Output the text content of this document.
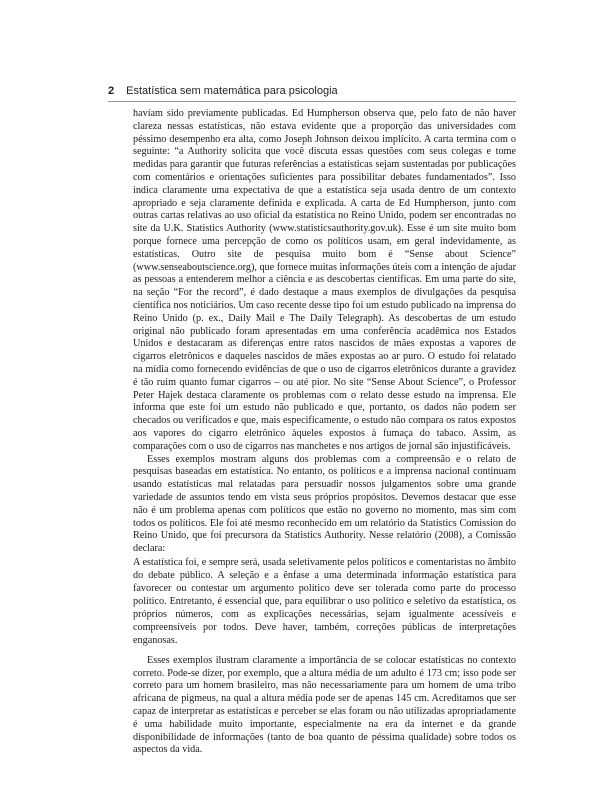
2 Estatística sem matemática para psicologia

havíam sido previamente publicadas. Ed Humpherson observa que, pelo fato de não haver clareza nessas estatísticas, não estava evidente que a proporção das universidades com péssimo desempenho era alta, como Joseph Johnson deixou implícito. A carta termina com o seguinte: “a Authority solicita que você discuta essas questões com seus colegas e tome medidas para garantir que futuras referências a estatísticas sejam sustentadas por publicações com comentários e orientações suficientes para possibilitar debates fundamentados”. Isso indica claramente uma expectativa de que a estatística seja usada dentro de um contexto apropriado e seja claramente definida e explicada. A carta de Ed Humpherson, junto com outras cartas relativas ao uso oficial da estatística no Reino Unido, podem ser encontradas no site da U.K. Statistics Authority (www.statisticsauthority.gov.uk). Esse é um site muito bom porque fornece uma percepção de como os políticos usam, em geral indevidamente, as estatísticas. Outro site de pesquisa muito bom é “Sense about Science” (www.senseaboutscience.org), que fornece muitas informações úteis com a intenção de ajudar as pessoas a entenderem melhor a ciência e as descobertas científicas. Em uma parte do site, na seção “For the record”, é dado destaque a maus exemplos de divulgações da pesquisa científica nos noticiários. Um caso recente desse tipo foi um estudo publicado na imprensa do Reino Unido (p. ex., Daily Mail e The Daily Telegraph). As descobertas de um estudo original não publicado foram apresentadas em uma conferência acadêmica nos Estados Unidos e destacaram as diferenças entre ratos nascidos de mães expostas a vapores de cigarros eletrônicos e daqueles nascidos de mães expostas ao ar puro. O estudo foi relatado na mídia como fornecendo evidências de que o uso de cigarros eletrônicos durante a gravidez é tão ruim quanto fumar cigarros – ou até pior. No site “Sense About Science”, o Professor Peter Hajek destaca claramente os problemas com o relato desse estudo na imprensa. Ele informa que este foi um estudo não publicado e que, portanto, os dados não podem ser checados ou verificados e que, mais especificamente, o estudo não compara os ratos expostos aos vapores do cigarro eletrônico àqueles expostos à fumaça do tabaco. Assim, as comparações com o uso de cigarros nas manchetes e nos artigos de jornal são injustificáveis.

Esses exemplos mostram alguns dos problemas com a compreensão e o relato de pesquisas baseadas em estatística. No entanto, os políticos e a imprensa nacional continuam usando estatísticas mal relatadas para persuadir nossos julgamentos sobre uma grande variedade de assuntos tendo em vista seus próprios propósitos. Devemos destacar que esse não é um problema apenas com políticos que estão no governo no momento, mas sim com todos os políticos. Ele foi até mesmo reconhecido em um relatório da Statistics Comission do Reino Unido, que foi precursora da Statistics Authority. Nesse relatório (2008), a Comissão declara:

A estatística foi, e sempre será, usada seletivamente pelos políticos e comentaristas no âmbito do debate público. A seleção e a ênfase a uma determinada informação estatística para favorecer ou contestar um argumento político deve ser tolerada como parte do processo político. Entretanto, é essencial que, para equilibrar o uso político e seletivo da estatística, os próprios números, com as explicações necessárias, sejam igualmente acessíveis e compreensíveis por todos. Deve haver, também, correções públicas de interpretações enganosas.

Esses exemplos ilustram claramente a importância de se colocar estatísticas no contexto correto. Pode-se dizer, por exemplo, que a altura média de um adulto é 173 cm; isso pode ser correto para um homem brasileiro, mas não necessariamente para um homem de uma tribo africana de pigmeus, na qual a altura média pode ser de apenas 145 cm. Acreditamos que ser capaz de interpretar as estatísticas e perceber se elas foram ou não utilizadas apropriadamente é uma habilidade muito importante, especialmente na era da internet e da grande disponibilidade de informações (tanto de boa quanto de péssima qualidade) sobre todos os aspectos da vida.
